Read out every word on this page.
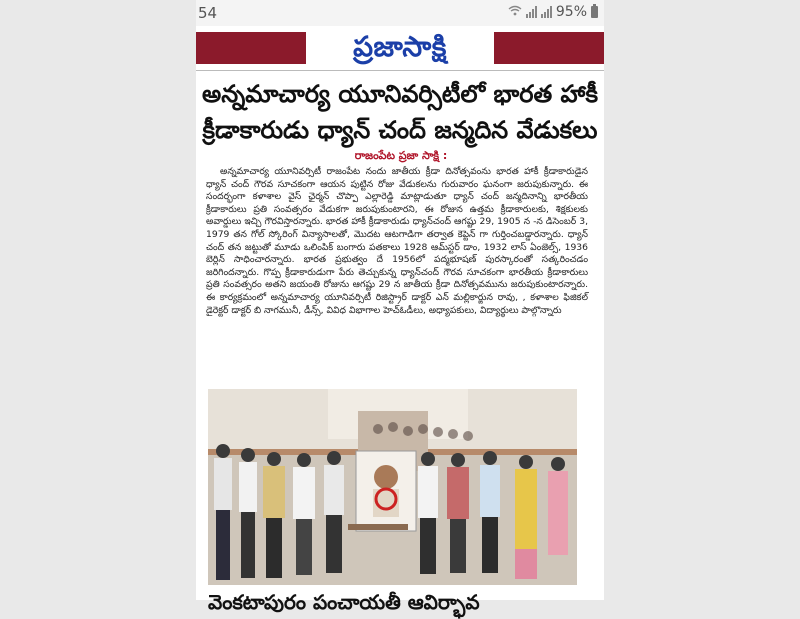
54	95%
ప్రజాసాక్షి
అన్నమాచార్య యూనివర్సిటీలో భారత హాకీ
క్రీడాకారుడు ధ్యాన్ చంద్ జన్మదిన వేడుకలు
రాజంపేట ప్రజా సాక్షి :

అన్నమాచార్య యూనివర్సిటీ రాజంపేట నందు జాతీయ క్రీడా దినోత్సవంను భారత హాకీ క్రీడాకారుడైన ధ్యాన్ చంద్ గౌరవ సూచకంగా ఆయన పుట్టిన రోజు వేడుకలను గురువారం ఘనంగా జరుపుకున్నారు. ఈ సందర్భంగా కళాశాల వైస్ ఛైర్మన్ చొప్పా ఎల్లారెడ్డి మాట్లాడుతూ ధ్యాన్ చంద్ జన్మదినాన్ని భారతీయ క్రీడాకారులు ప్రతి సంవత్సరం వేడుకగా జరుపుకుంటారని, ఈ రోజున ఉత్తమ క్రీడాకారులకు, శిక్షకులకు అవార్డులు ఇచ్చి గౌరవిస్తారన్నారు. భారత హాకీ క్రీడాకారుడు ధ్యాన్‌చంద్ ఆగష్టు 29, 1905 న -న డిసెంబర్ 3, 1979 తన గోల్ స్కోరింగ్ విన్యాసాలతో, మొదట ఆటగాడిగా తర్వాత కెప్టెన్ గా గుర్తించబడ్డారన్నారు. ధ్యాన్ చంద్ తన జట్టుతో మూడు ఒలింపిక్ బంగారు పతకాలు 1928 ఆమ్‌స్టర్ డాం, 1932 లాస్ ఏంజెల్స్, 1936 బెర్లిన్ సాధించారన్నారు. భారత ప్రభుత్వం దే 1956లో పద్మభూషణ్ పురస్కారంతో సత్కరించడం జరిగిందన్నారు. గొప్ప క్రీడాకారుడుగా పేరు తెచ్చుకున్న ధ్యాన్‌చంద్ గౌరవ సూచకంగా భారతీయ క్రీడాకారులు ప్రతి సంవత్సరం అతని జయంతి రోజును ఆగష్టు 29 న జాతీయ క్రీడా దినోత్సవమును జరుపుకుంటారన్నారు. ఈ కార్యక్రమంలో అన్నమాచార్య యూనివర్సిటీ రిజిస్ట్రార్ డాక్టర్ ఎన్ మల్లికార్జున రావు, , కళాశాల ఫిజికల్ డైరెక్టర్ డాక్టర్ బి నాగమునీ, డీన్స్, వివిధ విభాగాల హెచ్‌ఓడీలు, అధ్యాపకులు, విద్యార్థులు పాల్గొన్నారు

వెంకటాపురం పంచాయతీ ఆవిర్భావ
